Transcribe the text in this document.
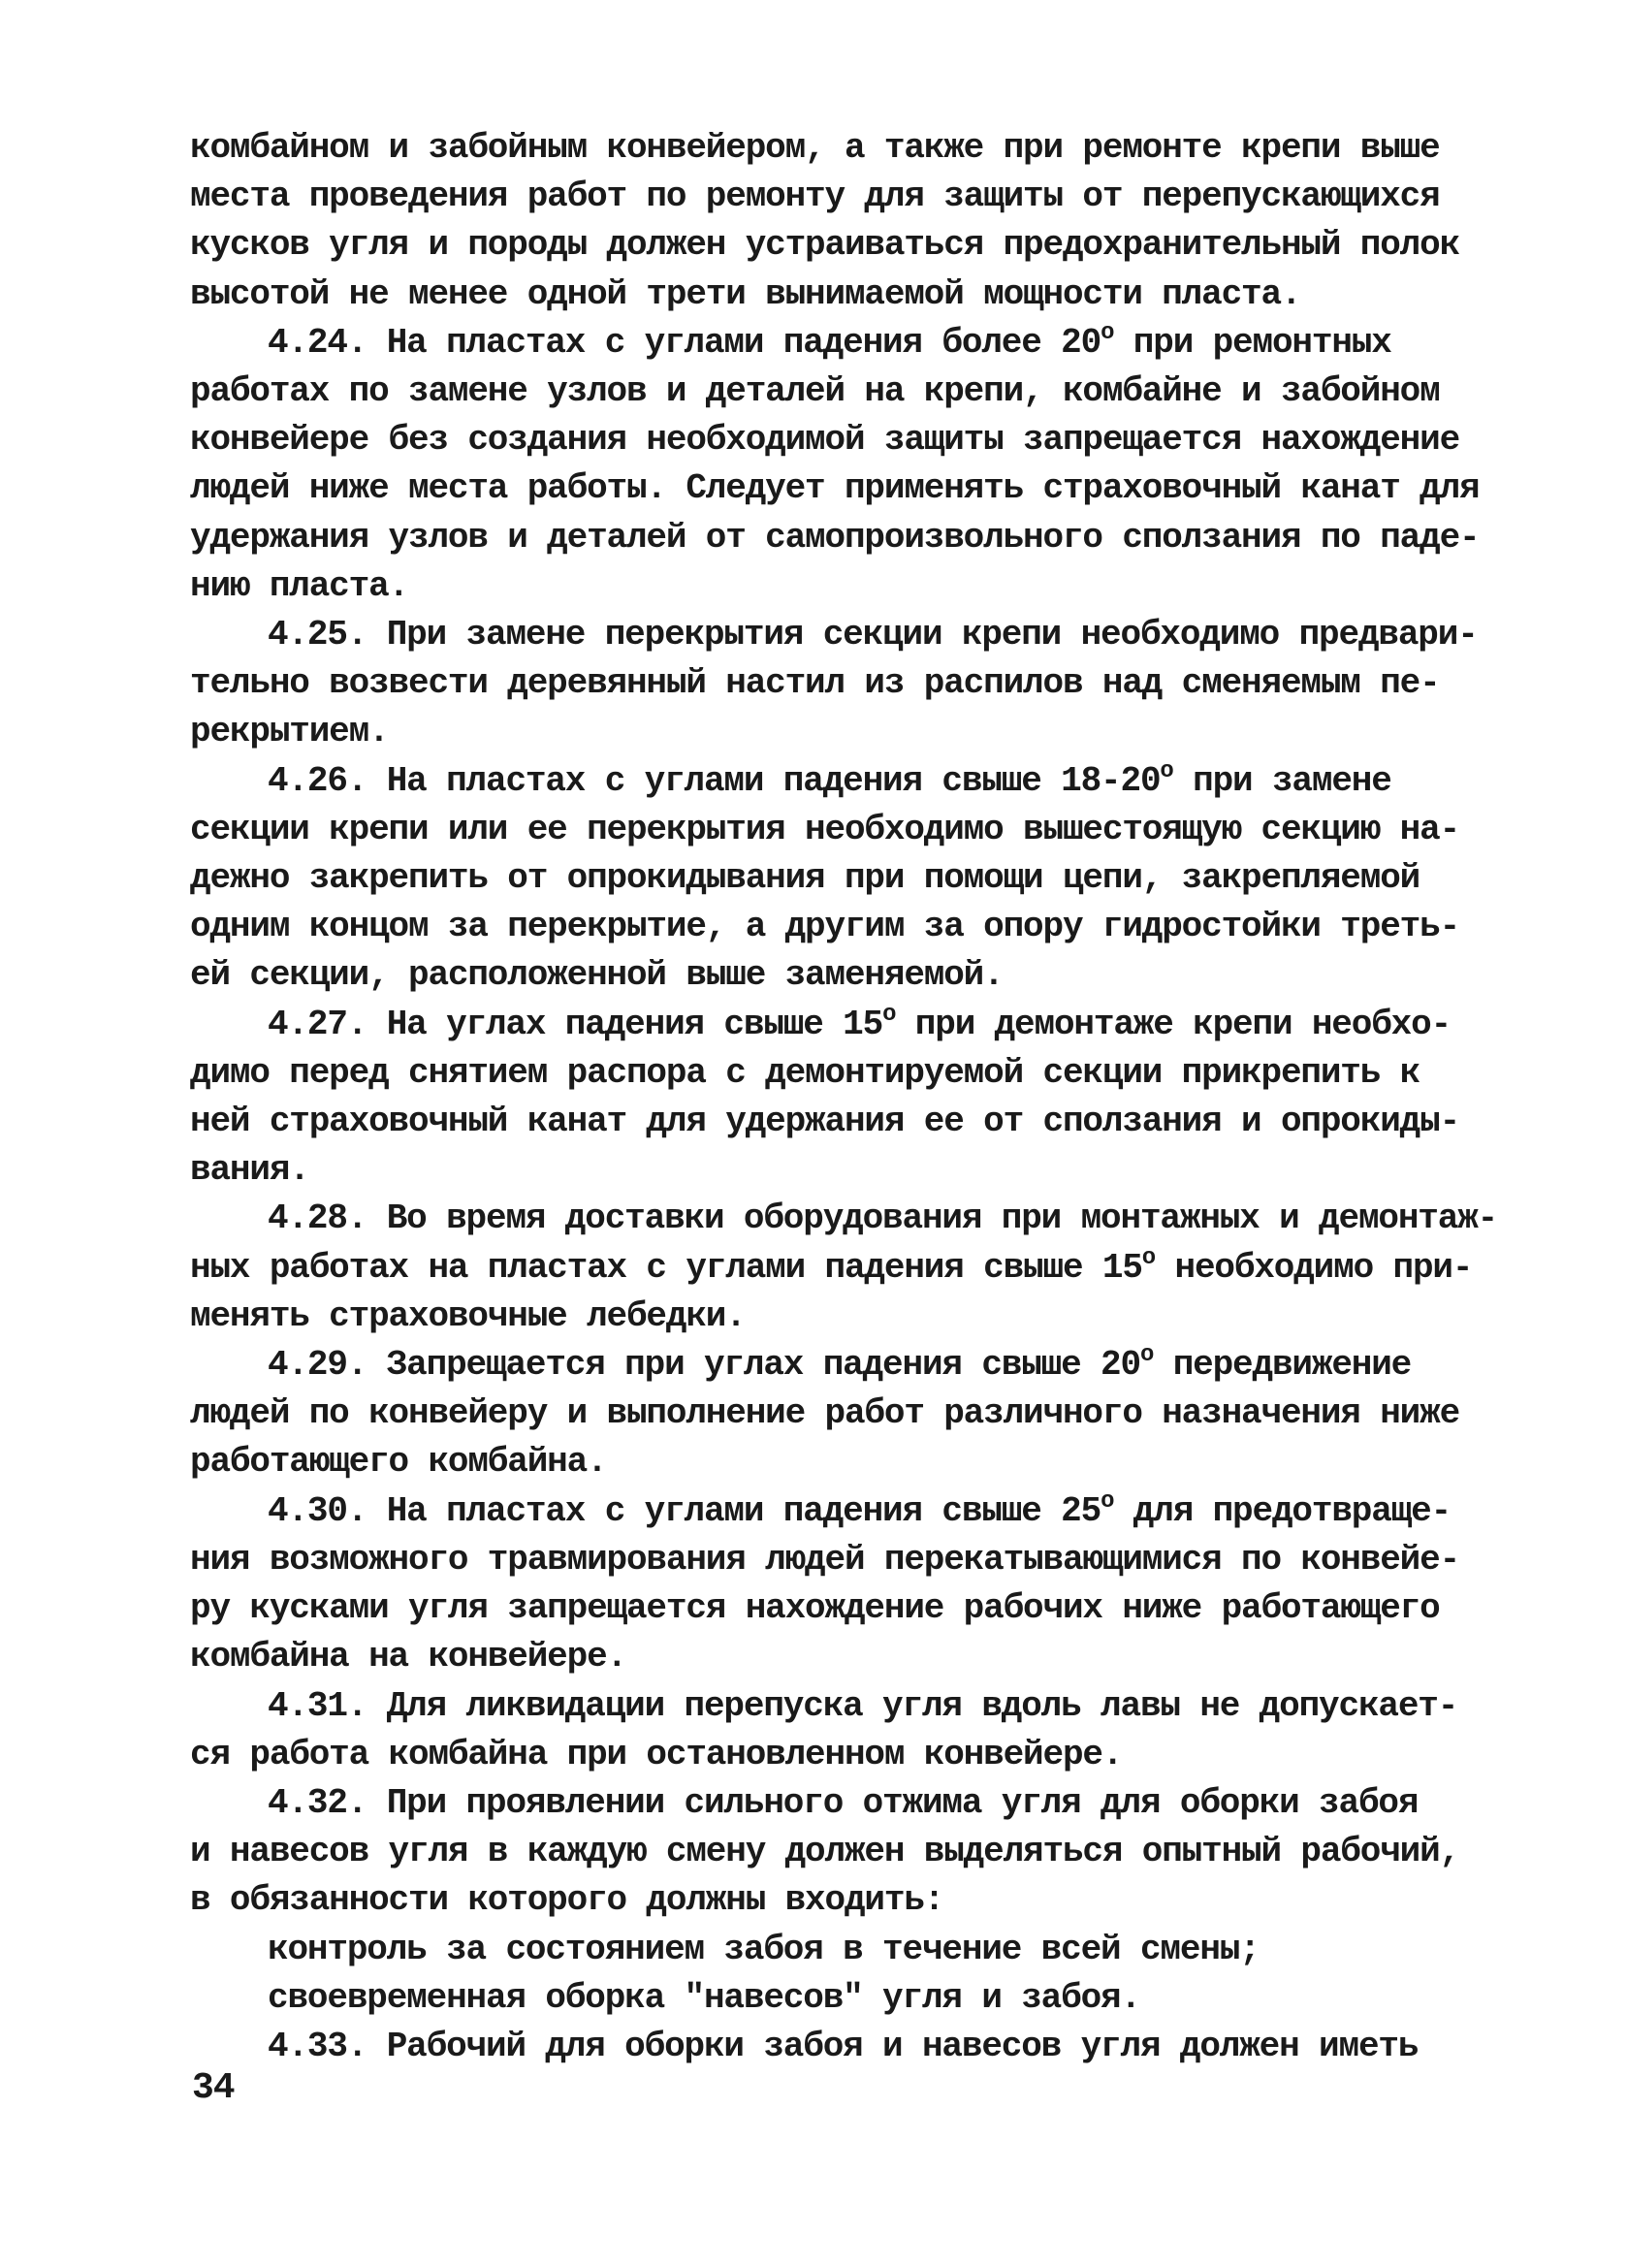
комбайном и забойным конвейером, а также при ремонте крепи выше
места проведения работ по ремонту для защиты от перепускающихся
кусков угля и породы должен устраиваться предохранительный полок
высотой не менее одной трети вынимаемой мощности пласта.
4.24. На пластах с углами падения более $20^о$ при ремонтных
работах по замене узлов и деталей на крепи, комбайне и забойном
конвейере без создания необходимой защиты запрещается нахождение
людей ниже места работы. Следует применять страховочный канат для
удержания узлов и деталей от самопроизвольного сползания по паде-
нию пласта.
4.25. При замене перекрытия секции крепи необходимо предвари-
тельно возвести деревянный настил из распилов над сменяемым пе-
рекрытием.
4.26. На пластах с углами падения свыше $18-20^о$ при замене
секции крепи или ее перекрытия необходимо вышестоящую секцию на-
дежно закрепить от опрокидывания при помощи цепи, закрепляемой
одним концом за перекрытие, а другим за опору гидростойки треть-
ей секции, расположенной выше заменяемой.
4.27. На углах падения свыше $15^о$ при демонтаже крепи необхо-
димо перед снятием распора с демонтируемой секции прикрепить к
ней страховочный канат для удержания ее от сползания и опрокиды-
вания.
4.28. Во время доставки оборудования при монтажных и демонтаж-
ных работах на пластах с углами падения свыше $15^о$ необходимо при-
менять страховочные лебедки.
4.29. Запрещается при углах падения свыше $20^о$ передвижение
людей по конвейеру и выполнение работ различного назначения ниже
работающего комбайна.
4.30. На пластах с углами падения свыше $25^о$ для предотвраще-
ния возможного травмирования людей перекатывающимися по конвейе-
ру кусками угля запрещается нахождение рабочих ниже работающего
комбайна на конвейере.
4.31. Для ликвидации перепуска угля вдоль лавы не допускает-
ся работа комбайна при остановленном конвейере.
4.32. При проявлении сильного отжима угля для оборки забоя
и навесов угля в каждую смену должен выделяться опытный рабочий,
в обязанности которого должны входить:
контроль за состоянием забоя в течение всей смены;
своевременная оборка "навесов" угля и забоя.
4.33. Рабочий для оборки забоя и навесов угля должен иметь
34
